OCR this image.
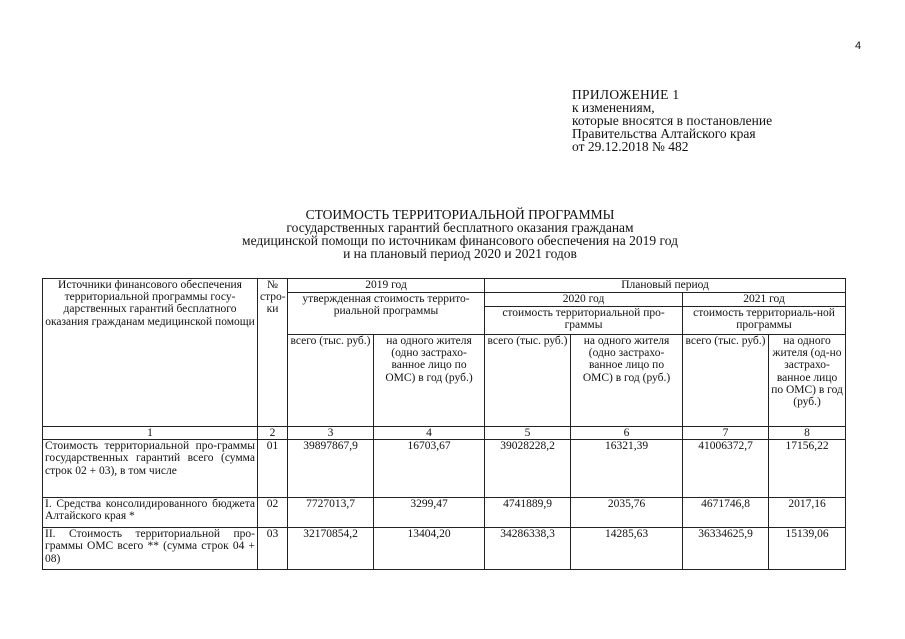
4
ПРИЛОЖЕНИЕ 1
к изменениям,
которые вносятся в постановление
Правительства Алтайского края
от 29.12.2018 № 482
СТОИМОСТЬ ТЕРРИТОРИАЛЬНОЙ ПРОГРАММЫ
государственных гарантий бесплатного оказания гражданам
медицинской помощи по источникам финансового обеспечения на 2019 год
и на плановый период 2020 и 2021 годов
Источники финансового обеспечения территориальной программы госу-дарственных гарантий бесплатного оказания гражданам медицинской помощи	№ стро-ки	2019 год		Плановый период			
		утвержденная стоимость террито-риальной программы		2020 год		2021 год	
				стоимость территориальной про-граммы		стоимость территориаль-ной программы	
		всего (тыс. руб.)	на одного жителя (одно застрахо-ванное лицо по ОМС) в год (руб.)	всего (тыс. руб.)	на одного жителя (одно застрахо-ванное лицо по ОМС) в год (руб.)	всего (тыс. руб.)	на одного жителя (од-но застрахо-ванное лицо по ОМС) в год (руб.)
1	2	3	4	5	6	7	8
Стоимость территориальной про-граммы государственных гарантий всего (сумма строк 02 + 03), в том числе	01	39897867,9	16703,67	39028228,2	16321,39	41006372,7	17156,22
I. Средства консолидированного бюджета Алтайского края *	02	7727013,7	3299,47	4741889,9	2035,76	4671746,8	2017,16
II. Стоимость территориальной про-граммы ОМС всего ** (сумма строк 04 + 08)	03	32170854,2	13404,20	34286338,3	14285,63	36334625,9	15139,06
